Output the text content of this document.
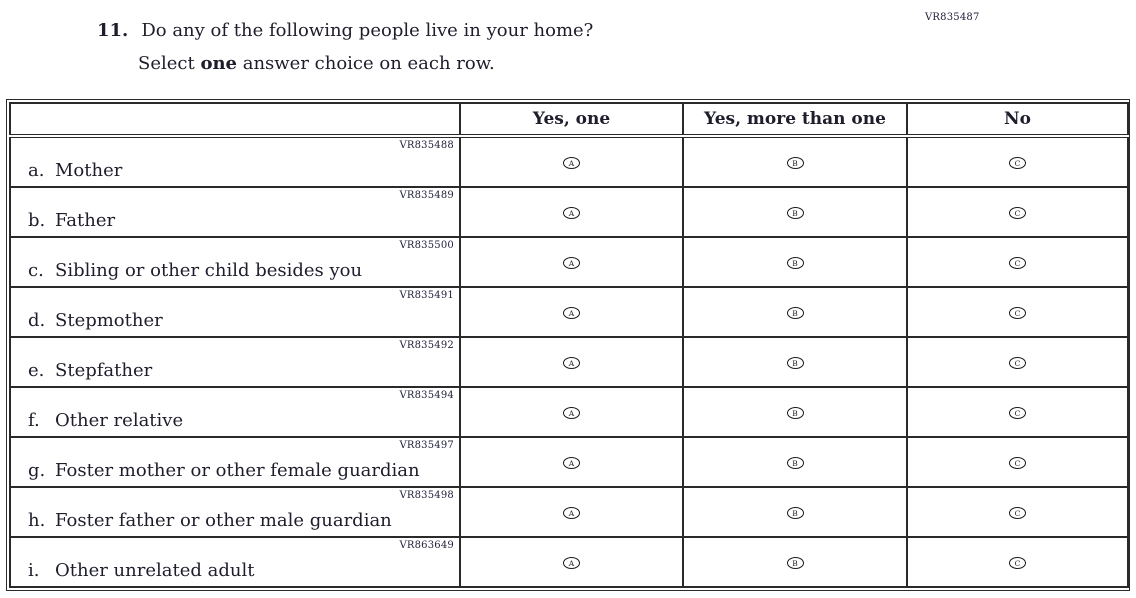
VR835487
11. Do any of the following people live in your home?
Select one answer choice on each row.
	Yes, one	Yes, more than one	No

VR835488
a. Mother	A	B	C

VR835489
b. Father	A	B	C

VR835500
c. Sibling or other child besides you	A	B	C

VR835491
d. Stepmother	A	B	C

VR835492
e. Stepfather	A	B	C

VR835494
f. Other relative	A	B	C

VR835497
g. Foster mother or other female guardian	A	B	C

VR835498
h. Foster father or other male guardian	A	B	C

VR863649
i. Other unrelated adult	A	B	C
